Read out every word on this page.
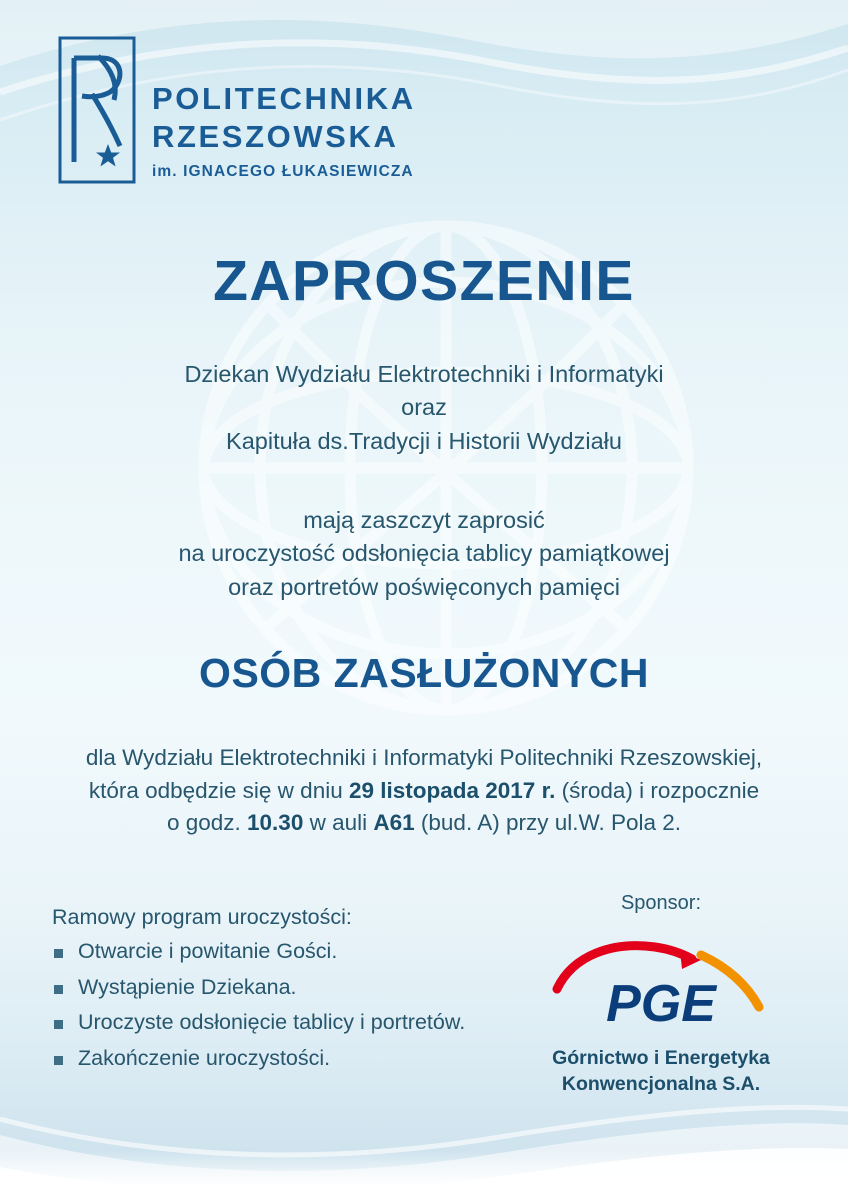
POLITECHNIKA
RZESZOWSKA
im. IGNACEGO ŁUKASIEWICZA
ZAPROSZENIE
Dziekan Wydziału Elektrotechniki i Informatyki
oraz
Kapituła ds.Tradycji i Historii Wydziału
mają zaszczyt zaprosić
na uroczystość odsłonięcia tablicy pamiątkowej
oraz portretów poświęconych pamięci
OSÓB ZASŁUŻONYCH
dla Wydziału Elektrotechniki i Informatyki Politechniki Rzeszowskiej,
która odbędzie się w dniu 29 listopada 2017 r. (środa) i rozpocznie
o godz. 10.30 w auli A61 (bud. A) przy ul.W. Pola 2.
Ramowy program uroczystości:
Otwarcie i powitanie Gości.
Wystąpienie Dziekana.
Uroczyste odsłonięcie tablicy i portretów.
Zakończenie uroczystości.
Sponsor:
PGE
Górnictwo i Energetyka
Konwencjonalna S.A.
